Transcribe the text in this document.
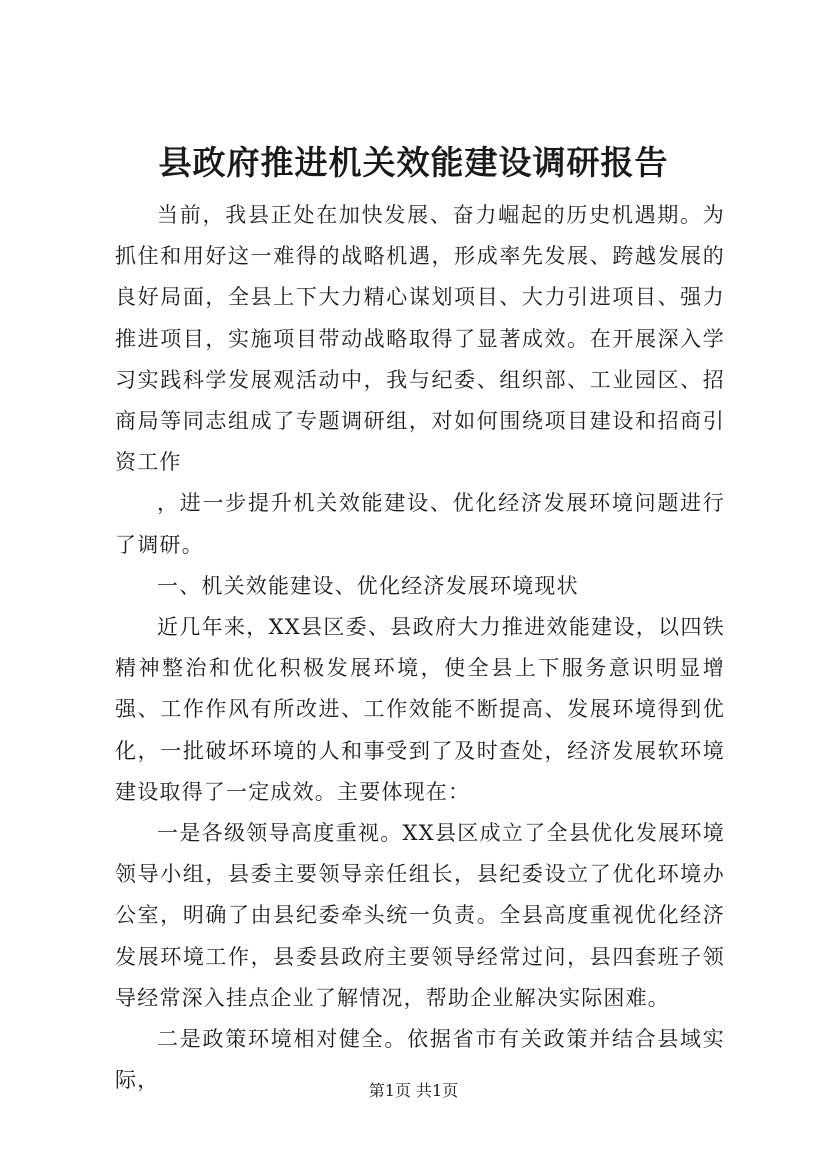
县政府推进机关效能建设调研报告

当前，我县正处在加快发展、奋力崛起的历史机遇期。为抓住和用好这一难得的战略机遇，形成率先发展、跨越发展的良好局面，全县上下大力精心谋划项目、大力引进项目、强力推进项目，实施项目带动战略取得了显著成效。在开展深入学习实践科学发展观活动中，我与纪委、组织部、工业园区、招商局等同志组成了专题调研组，对如何围绕项目建设和招商引资工作

，进一步提升机关效能建设、优化经济发展环境问题进行了调研。

一、机关效能建设、优化经济发展环境现状

近几年来，XX县区委、县政府大力推进效能建设，以四铁精神整治和优化积极发展环境，使全县上下服务意识明显增强、工作作风有所改进、工作效能不断提高、发展环境得到优化，一批破坏环境的人和事受到了及时查处，经济发展软环境建设取得了一定成效。主要体现在：

一是各级领导高度重视。XX县区成立了全县优化发展环境领导小组，县委主要领导亲任组长，县纪委设立了优化环境办公室，明确了由县纪委牵头统一负责。全县高度重视优化经济发展环境工作，县委县政府主要领导经常过问，县四套班子领导经常深入挂点企业了解情况，帮助企业解决实际困难。

二是政策环境相对健全。依据省市有关政策并结合县域实际，	第1页 共1页
